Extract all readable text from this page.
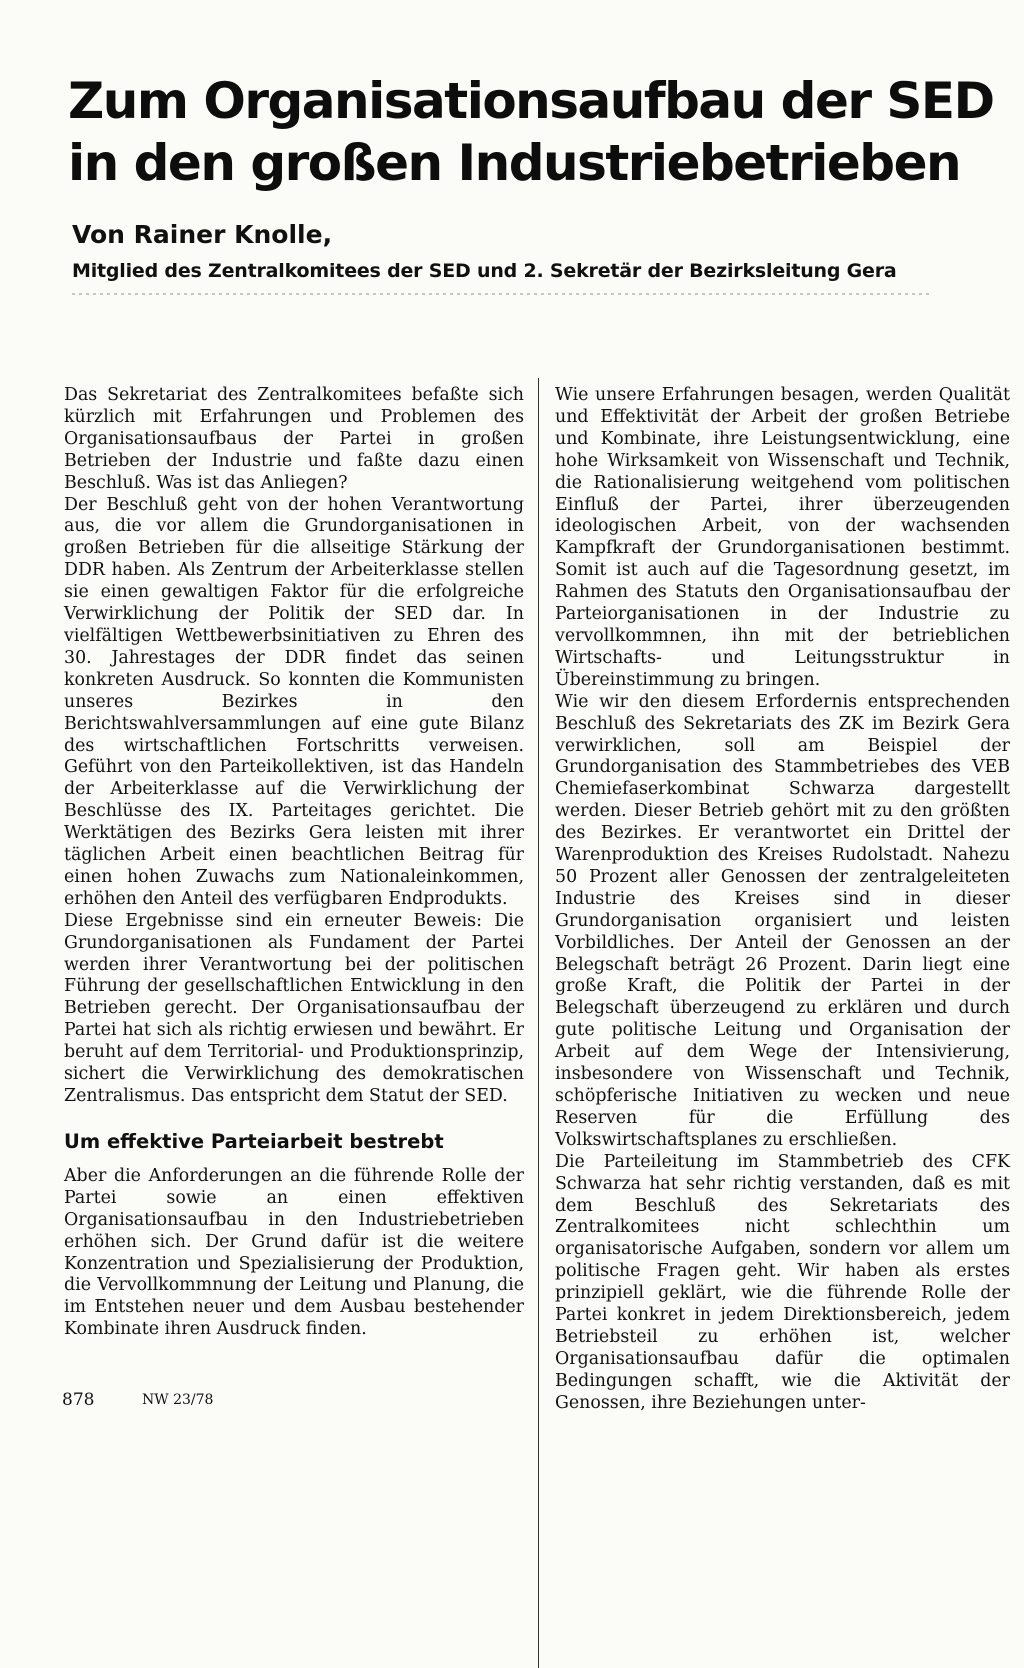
Zum Organisationsaufbau der SED
in den großen Industriebetrieben

Von Rainer Knolle,

Mitglied des Zentralkomitees der SED und 2. Sekretär der Bezirksleitung Gera

Das Sekretariat des Zentralkomitees befaßte sich kürzlich mit Erfahrungen und Problemen des Organisationsaufbaus der Partei in großen Betrieben der Industrie und faßte dazu einen Beschluß. Was ist das Anliegen?

Der Beschluß geht von der hohen Verantwortung aus, die vor allem die Grundorganisationen in großen Betrieben für die allseitige Stärkung der DDR haben. Als Zentrum der Arbeiterklasse stellen sie einen gewaltigen Faktor für die erfolgreiche Verwirklichung der Politik der SED dar. In vielfältigen Wettbewerbsinitiativen zu Ehren des 30. Jahrestages der DDR findet das seinen konkreten Ausdruck. So konnten die Kommunisten unseres Bezirkes in den Berichtswahlversammlungen auf eine gute Bilanz des wirtschaftlichen Fortschritts verweisen. Geführt von den Parteikollektiven, ist das Handeln der Arbeiterklasse auf die Verwirklichung der Beschlüsse des IX. Parteitages gerichtet. Die Werktätigen des Bezirks Gera leisten mit ihrer täglichen Arbeit einen beachtlichen Beitrag für einen hohen Zuwachs zum Nationaleinkommen, erhöhen den Anteil des verfügbaren Endprodukts.

Diese Ergebnisse sind ein erneuter Beweis: Die Grundorganisationen als Fundament der Partei werden ihrer Verantwortung bei der politischen Führung der gesellschaftlichen Entwicklung in den Betrieben gerecht. Der Organisationsaufbau der Partei hat sich als richtig erwiesen und bewährt. Er beruht auf dem Territorial- und Produktionsprinzip, sichert die Verwirklichung des demokratischen Zentralismus. Das entspricht dem Statut der SED.

Um effektive Parteiarbeit bestrebt

Aber die Anforderungen an die führende Rolle der Partei sowie an einen effektiven Organisationsaufbau in den Industriebetrieben erhöhen sich. Der Grund dafür ist die weitere Konzentration und Spezialisierung der Produktion, die Vervollkommnung der Leitung und Planung, die im Entstehen neuer und dem Ausbau bestehender Kombinate ihren Ausdruck finden.

Wie unsere Erfahrungen besagen, werden Qualität und Effektivität der Arbeit der großen Betriebe und Kombinate, ihre Leistungsentwicklung, eine hohe Wirksamkeit von Wissenschaft und Technik, die Rationalisierung weitgehend vom politischen Einfluß der Partei, ihrer überzeugenden ideologischen Arbeit, von der wachsenden Kampfkraft der Grundorganisationen bestimmt. Somit ist auch auf die Tagesordnung gesetzt, im Rahmen des Statuts den Organisationsaufbau der Parteiorganisationen in der Industrie zu vervollkommnen, ihn mit der betrieblichen Wirtschafts- und Leitungsstruktur in Übereinstimmung zu bringen.

Wie wir den diesem Erfordernis entsprechenden Beschluß des Sekretariats des ZK im Bezirk Gera verwirklichen, soll am Beispiel der Grundorganisation des Stammbetriebes des VEB Chemiefaserkombinat Schwarza dargestellt werden. Dieser Betrieb gehört mit zu den größten des Bezirkes. Er verantwortet ein Drittel der Warenproduktion des Kreises Rudolstadt. Nahezu 50 Prozent aller Genossen der zentralgeleiteten Industrie des Kreises sind in dieser Grundorganisation organisiert und leisten Vorbildliches. Der Anteil der Genossen an der Belegschaft beträgt 26 Prozent. Darin liegt eine große Kraft, die Politik der Partei in der Belegschaft überzeugend zu erklären und durch gute politische Leitung und Organisation der Arbeit auf dem Wege der Intensivierung, insbesondere von Wissenschaft und Technik, schöpferische Initiativen zu wecken und neue Reserven für die Erfüllung des Volkswirtschaftsplanes zu erschließen.

Die Parteileitung im Stammbetrieb des CFK Schwarza hat sehr richtig verstanden, daß es mit dem Beschluß des Sekretariats des Zentralkomitees nicht schlechthin um organisatorische Aufgaben, sondern vor allem um politische Fragen geht. Wir haben als erstes prinzipiell geklärt, wie die führende Rolle der Partei konkret in jedem Direktionsbereich, jedem Betriebsteil zu erhöhen ist, welcher Organisationsaufbau dafür die optimalen Bedingungen schafft, wie die Aktivität der Genossen, ihre Beziehungen unter-

878	NW 23/78
